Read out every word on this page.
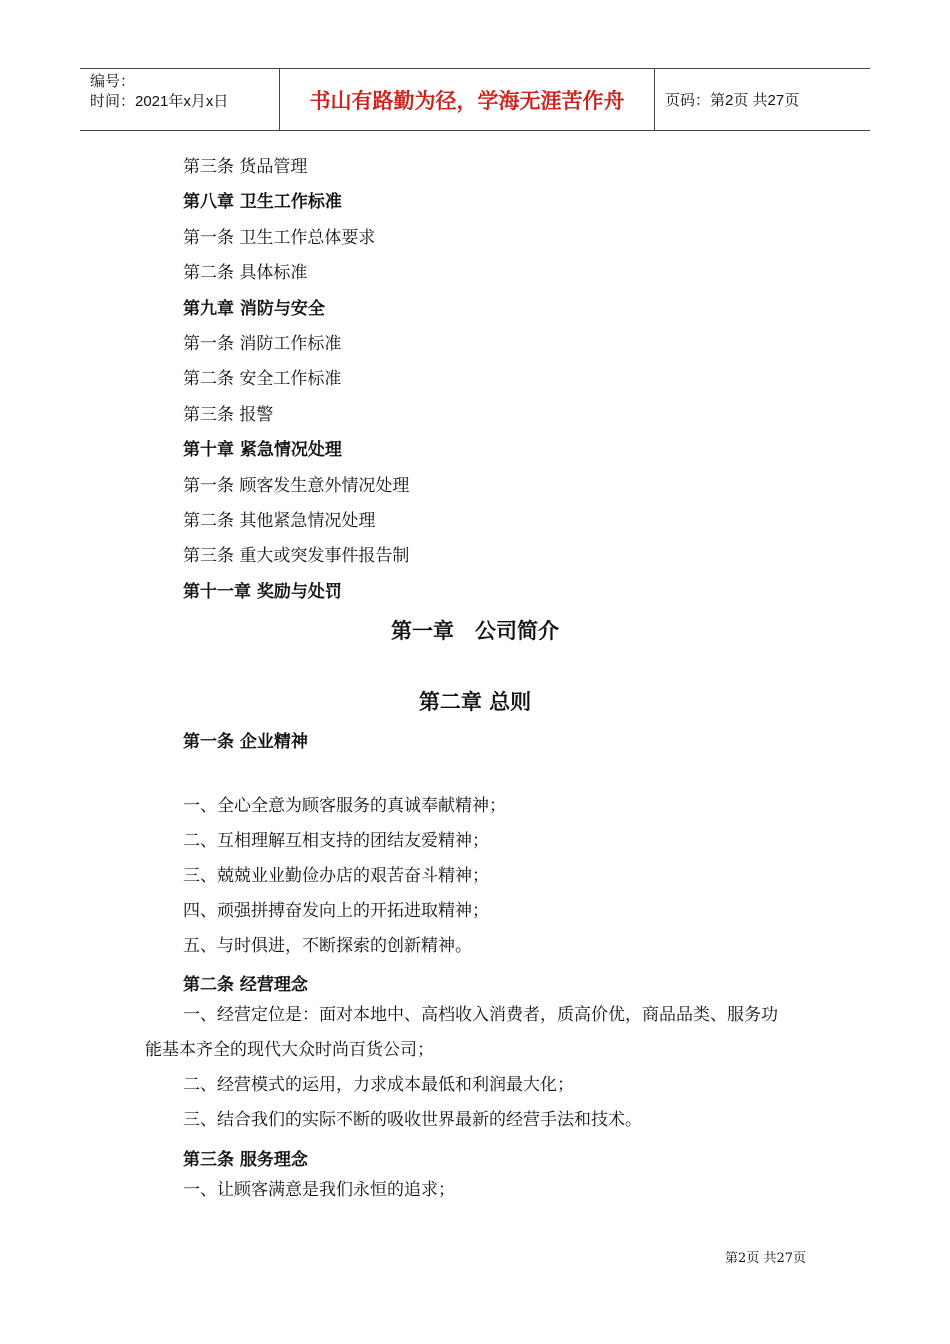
编号：
时间：2021年x月x日	书山有路勤为径，学海无涯苦作舟	页码：第2页 共27页
第三条 货品管理
第八章 卫生工作标准
第一条 卫生工作总体要求
第二条 具体标准
第九章 消防与安全
第一条 消防工作标准
第二条 安全工作标准
第三条 报警
第十章 紧急情况处理
第一条 顾客发生意外情况处理
第二条 其他紧急情况处理
第三条 重大或突发事件报告制
第十一章 奖励与处罚
第一章　公司简介
第二章 总则
第一条 企业精神
一、全心全意为顾客服务的真诚奉献精神；
二、互相理解互相支持的团结友爱精神；
三、兢兢业业勤俭办店的艰苦奋斗精神；
四、顽强拼搏奋发向上的开拓进取精神；
五、与时俱进，不断探索的创新精神。
第二条 经营理念
一、经营定位是：面对本地中、高档收入消费者，质高价优，商品品类、服务功
能基本齐全的现代大众时尚百货公司；
二、经营模式的运用，力求成本最低和利润最大化；
三、结合我们的实际不断的吸收世界最新的经营手法和技术。
第三条 服务理念
一、让顾客满意是我们永恒的追求；
第2页 共27页
